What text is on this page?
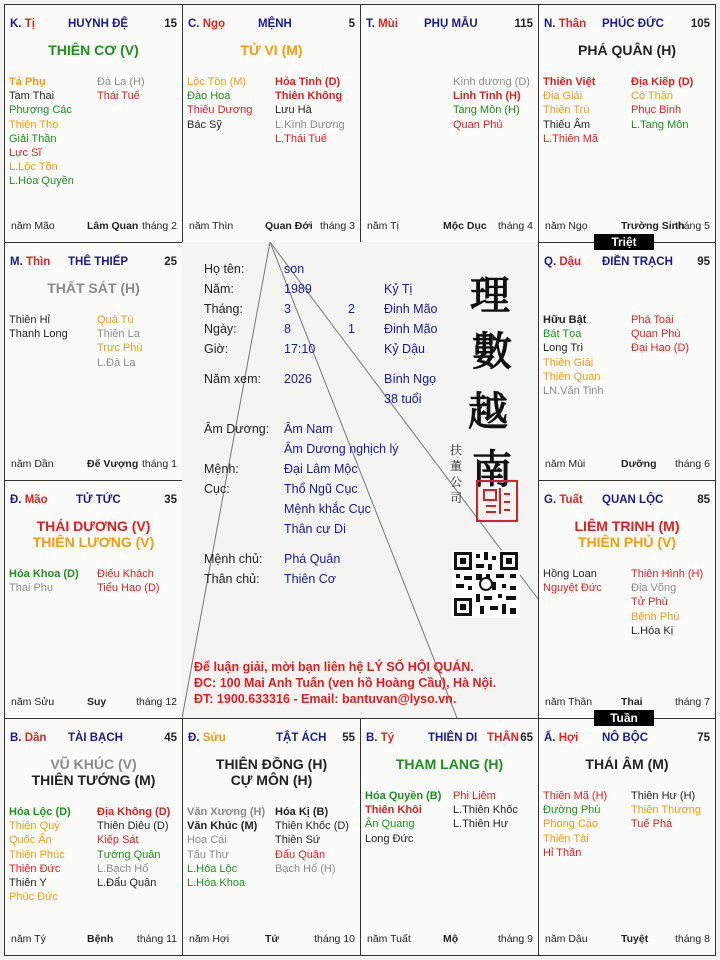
K. Tị	HUYNH ĐỆ	15
THIÊN CƠ (V)
Tả Phụ
Tam Thai
Phượng Các
Thiên Thọ
Giải Thần
Lực Sĩ
L.Lộc Tồn
L.Hóa Quyền
Đà La (H)
Thái Tuế
năm Mão	Lâm Quan tháng 2
C. Ngọ	MỆNH	5
TỬ VI (M)
Lộc Tồn (M)
Đào Hoa
Thiếu Dương
Bác Sỹ
Hỏa Tinh (D)
Thiên Không
Lưu Hà
L.Kình Dương
L.Thái Tuế
năm Thìn	Quan Đới tháng 3
T. Mùi PHỤ MẪU	115
Kình dương (D)
Linh Tinh (H)
Tang Môn (H)
Quan Phủ
năm Tị	Mộc Dục tháng 4
N. Thân PHÚC ĐỨC 105
PHÁ QUÂN (H)
Thiên Việt
Địa Giải
Thiên Trù
Thiếu Âm
L.Thiên Mã
Địa Kiếp (D)
Cô Thần
Phục Binh
L.Tang Môn
năm Ngọ	Trường Sinh
tháng 5
M. Thìn THÊ THIẾP	25
THẤT SÁT (H)
Thiên Hỉ
Thanh Long
Quả Tú
Thiên La
Trực Phù
L.Đà La
năm Dần	Đế Vượng tháng 1
Q. Dậu ĐIỀN TRẠCH 95
Hữu Bật
Bát Tọa
Long Trì
Thiên Giải
Thiên Quan
LN.Văn Tinh
Phá Toái
Quan Phù
Đại Hao (D)
năm Mùi	Dưỡng tháng 6
Đ. Mão TỬ TỨC	35
THÁI DƯƠNG (V)
THIÊN LƯƠNG (V)
Hóa Khoa (D)
Thai Phụ
Điếu Khách
Tiểu Hao (D)
năm Sửu	Suy	tháng 12
G. Tuất QUAN LỘC	85
LIÊM TRINH (M)
THIÊN PHỦ (V)
Hồng Loan
Nguyệt Đức
Thiên Hình (H)
Địa Võng
Tử Phù
Bệnh Phù
L.Hóa Kị
năm Thân	Thai	tháng 7
B. Dần TÀI BẠCH	45
VŨ KHÚC (V)
THIÊN TƯỚNG (M)
Hóa Lộc (D)
Thiên Quý
Quốc Ấn
Thiên Phúc
Thiên Đức
Thiên Y
Phúc Đức
Địa Không (D)
Thiên Diêu (D)
Kiếp Sát
Tướng Quân
L.Bạch Hổ
L.Đẩu Quân
năm Tý	Bệnh tháng 11
Đ. Sửu	TẬT ÁCH 55
THIÊN ĐỒNG (H)
CỰ MÔN (H)
Văn Xương (H)
Văn Khúc (M)
Hoa Cái
Tấu Thư
L.Hóa Lộc
L.Hóa Khoa
Hóa Kị (B)
Thiên Khốc (D)
Thiên Sứ
Đẩu Quân
Bạch Hổ (H)
năm Hợi	Tử	tháng 10
B. Tý	THIÊN DI THÂN 65
THAM LANG (H)
Hóa Quyền (B)
Thiên Khôi
Ân Quang
Long Đức
Phi Liêm
L.Thiên Khốc
L.Thiên Hư
năm Tuất	Mộ	tháng 9
Ấ. Hợi NÔ BỘC	75
THÁI ÂM (M)
Thiên Mã (H)
Đường Phù
Phong Cáo
Thiên Tài
Hỉ Thần
Thiên Hư (H)
Thiên Thương
Tuế Phá
năm Dậu	Tuyệt	tháng 8
Họ tên:	son
Năm:	1989	Kỷ Tị
Tháng:	3	2 Đinh Mão
Ngày:	8	1 Đinh Mão
Giờ:	17:10	Kỷ Dậu
Năm xem: 2026	Bính Ngọ
38 tuổi
Âm Dương: Âm Nam
Âm Dương nghịch lý
Mệnh:	Đại Lâm Mộc
Cục:	Thổ Ngũ Cục
Mệnh khắc Cục
Thân cư Di
Mệnh chủ: Phá Quân
Thân chủ: Thiên Cơ
理
數
越
南
扶
董
公
司
Để luận giải, mời bạn liên hệ LÝ SỐ HỘI QUÁN.
ĐC: 100 Mai Anh Tuấn (ven hồ Hoàng Cầu), Hà Nội.
ĐT: 1900.633316 - Email: bantuvan@lyso.vn.
Triệt
Tuần
